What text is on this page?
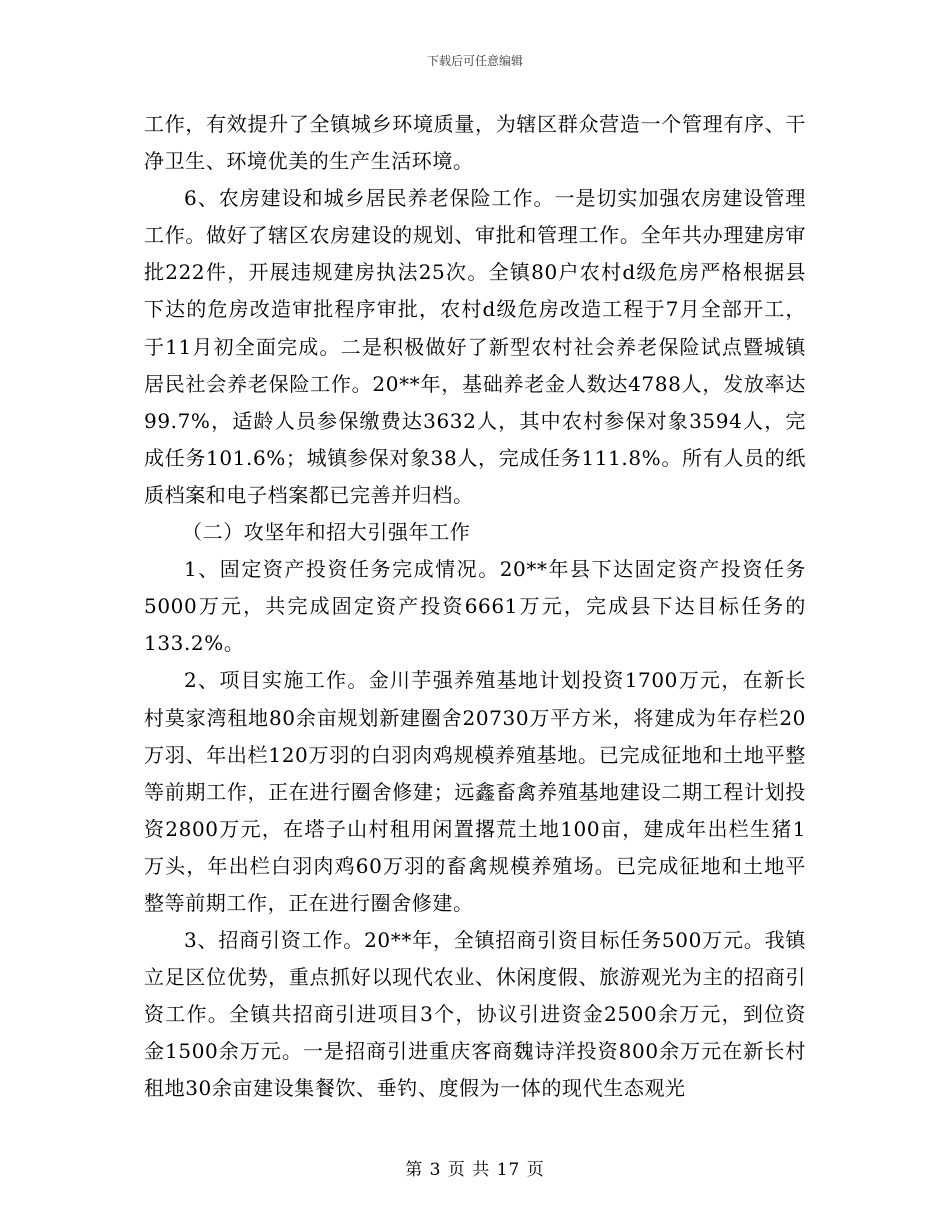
下载后可任意编辑

工作，有效提升了全镇城乡环境质量，为辖区群众营造一个管理有序、干净卫生、环境优美的生产生活环境。

6、农房建设和城乡居民养老保险工作。一是切实加强农房建设管理工作。做好了辖区农房建设的规划、审批和管理工作。全年共办理建房审批222件，开展违规建房执法25次。全镇80户农村d级危房严格根据县下达的危房改造审批程序审批，农村d级危房改造工程于7月全部开工，于11月初全面完成。二是积极做好了新型农村社会养老保险试点暨城镇居民社会养老保险工作。20**年，基础养老金人数达4788人，发放率达99.7%，适龄人员参保缴费达3632人，其中农村参保对象3594人，完成任务101.6%；城镇参保对象38人，完成任务111.8%。所有人员的纸质档案和电子档案都已完善并归档。

（二）攻坚年和招大引强年工作

1、固定资产投资任务完成情况。20**年县下达固定资产投资任务5000万元，共完成固定资产投资6661万元，完成县下达目标任务的133.2%。

2、项目实施工作。金川芋强养殖基地计划投资1700万元，在新长村莫家湾租地80余亩规划新建圈舍20730万平方米，将建成为年存栏20万羽、年出栏120万羽的白羽肉鸡规模养殖基地。已完成征地和土地平整等前期工作，正在进行圈舍修建；远鑫畜禽养殖基地建设二期工程计划投资2800万元，在塔子山村租用闲置撂荒土地100亩，建成年出栏生猪1万头，年出栏白羽肉鸡60万羽的畜禽规模养殖场。已完成征地和土地平整等前期工作，正在进行圈舍修建。

3、招商引资工作。20**年，全镇招商引资目标任务500万元。我镇立足区位优势，重点抓好以现代农业、休闲度假、旅游观光为主的招商引资工作。全镇共招商引进项目3个，协议引进资金2500余万元，到位资金1500余万元。一是招商引进重庆客商魏诗洋投资800余万元在新长村租地30余亩建设集餐饮、垂钓、度假为一体的现代生态观光

第 3 页 共 17 页
